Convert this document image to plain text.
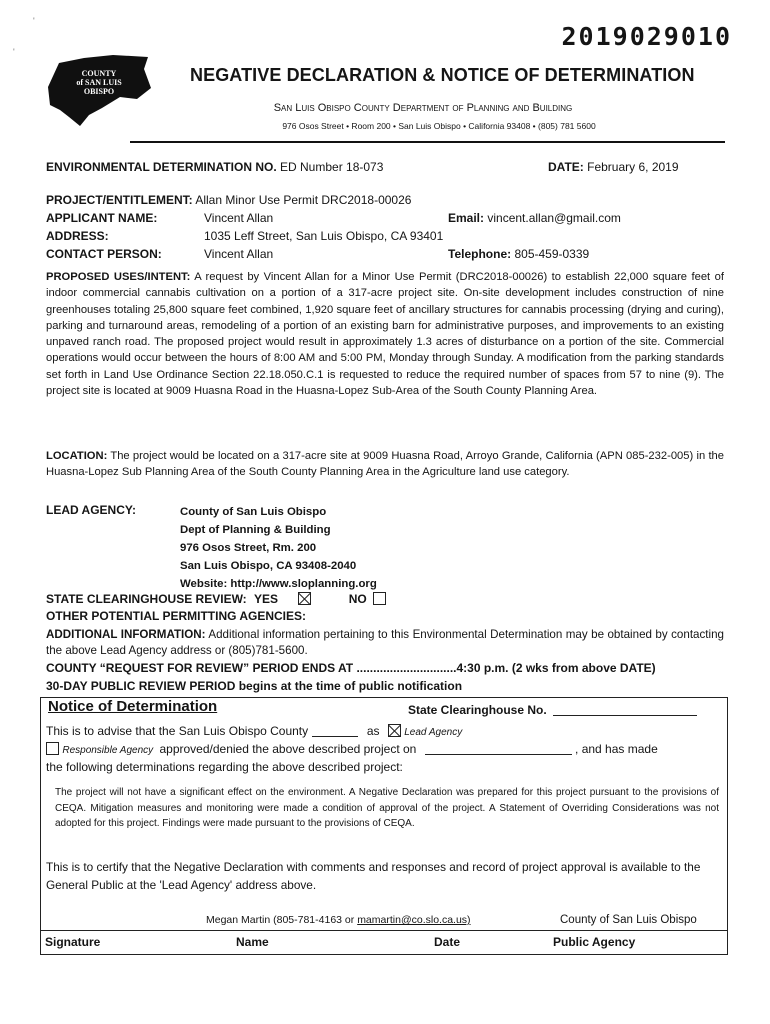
'
'
2019029010
COUNTY
of SAN LUIS
OBISPO
NEGATIVE DECLARATION & NOTICE OF DETERMINATION
San Luis Obispo County Department of Planning and Building
976 Osos Street • Room 200 • San Luis Obispo • California 93408 • (805) 781 5600
ENVIRONMENTAL DETERMINATION NO. ED Number 18-073	DATE: February 6, 2019
PROJECT/ENTITLEMENT: Allan Minor Use Permit DRC2018-00026
APPLICANT NAME:	Vincent Allan	Email: vincent.allan@gmail.com
ADDRESS:	1035 Leff Street, San Luis Obispo, CA 93401
CONTACT PERSON:	Vincent Allan	Telephone: 805-459-0339
PROPOSED USES/INTENT: A request by Vincent Allan for a Minor Use Permit (DRC2018-00026) to establish 22,000 square feet of indoor commercial cannabis cultivation on a portion of a 317-acre project site. On-site development includes construction of nine greenhouses totaling 25,800 square feet combined, 1,920 square feet of ancillary structures for cannabis processing (drying and curing), parking and turnaround areas, remodeling of a portion of an existing barn for administrative purposes, and improvements to an existing unpaved ranch road. The proposed project would result in approximately 1.3 acres of disturbance on a portion of the site. Commercial operations would occur between the hours of 8:00 AM and 5:00 PM, Monday through Sunday. A modification from the parking standards set forth in Land Use Ordinance Section 22.18.050.C.1 is requested to reduce the required number of spaces from 57 to nine (9). The project site is located at 9009 Huasna Road in the Huasna-Lopez Sub-Area of the South County Planning Area.
LOCATION: The project would be located on a 317-acre site at 9009 Huasna Road, Arroyo Grande, California (APN 085-232-005) in the Huasna-Lopez Sub Planning Area of the South County Planning Area in the Agriculture land use category.
LEAD AGENCY:	County of San Luis Obispo
Dept of Planning & Building
976 Osos Street, Rm. 200
San Luis Obispo, CA 93408-2040
Website: http://www.sloplanning.org
STATE CLEARINGHOUSE REVIEW: YES	NO
OTHER POTENTIAL PERMITTING AGENCIES:
ADDITIONAL INFORMATION: Additional information pertaining to this Environmental Determination may be obtained by contacting the above Lead Agency address or (805)781-5600.
COUNTY “REQUEST FOR REVIEW” PERIOD ENDS AT ..............................4:30 p.m. (2 wks from above DATE)
30-DAY PUBLIC REVIEW PERIOD begins at the time of public notification
Notice of Determination	State Clearinghouse No.
This is to advise that the San Luis Obispo County	as Lead Agency
Responsible Agency approved/denied the above described project on	, and has made
the following determinations regarding the above described project:
The project will not have a significant effect on the environment. A Negative Declaration was prepared for this project pursuant to the provisions of CEQA. Mitigation measures and monitoring were made a condition of approval of the project. A Statement of Overriding Considerations was not adopted for this project. Findings were made pursuant to the provisions of CEQA.
This is to certify that the Negative Declaration with comments and responses and record of project approval is available to the General Public at the 'Lead Agency' address above.
Megan Martin (805-781-4163 or mamartin@co.slo.ca.us)	County of San Luis Obispo
Signature	Name	Date	Public Agency
